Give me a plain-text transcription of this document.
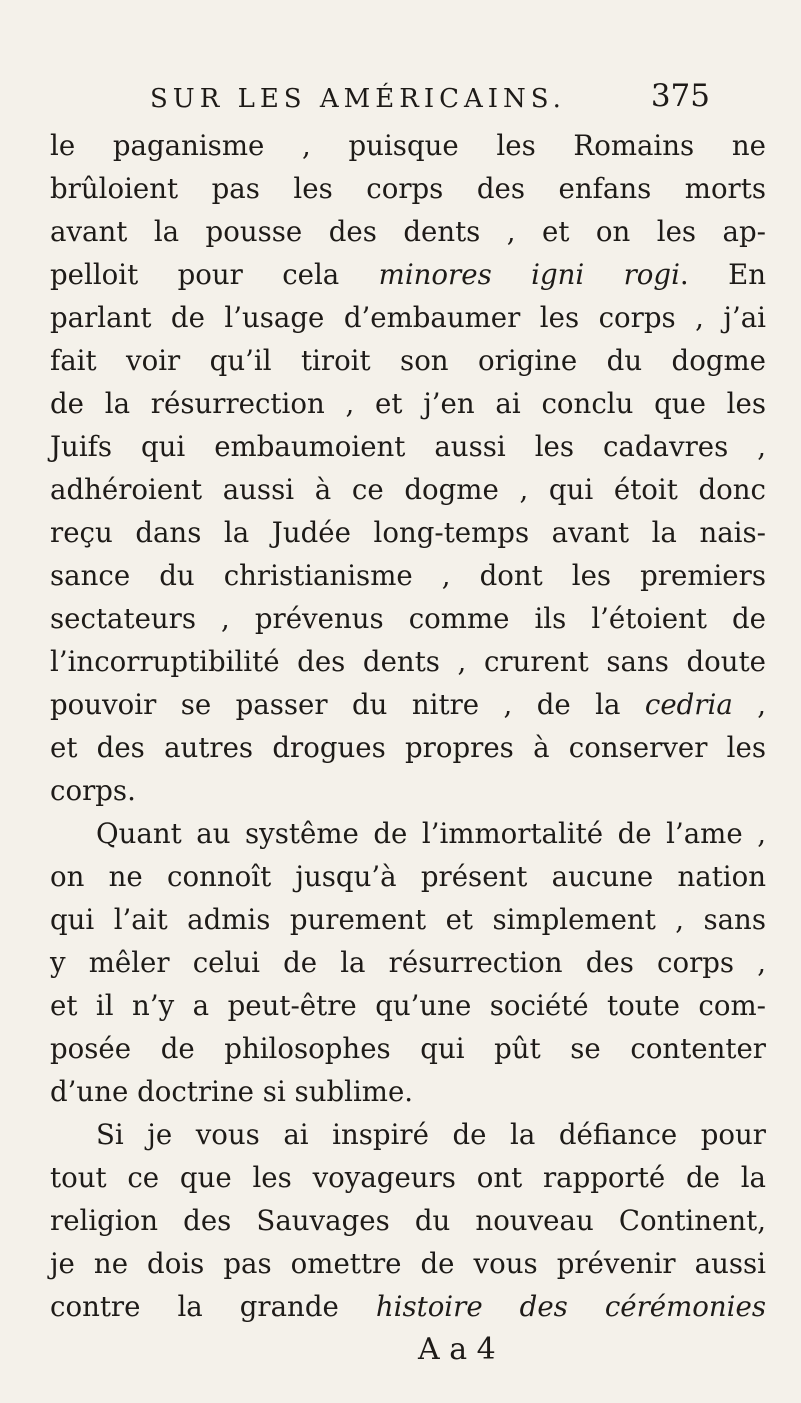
SUR LES AMÉRICAINS.	375
le paganisme , puisque les Romains ne
brûloient pas les corps des enfans morts
avant la pousse des dents , et on les ap-
pelloit pour cela minores igni rogi. En
parlant de l’usage d’embaumer les corps , j’ai
fait voir qu’il tiroit son origine du dogme
de la résurrection , et j’en ai conclu que les
Juifs qui embaumoient aussi les cadavres ,
adhéroient aussi à ce dogme , qui étoit donc
reçu dans la Judée long-temps avant la nais-
sance du christianisme , dont les premiers
sectateurs , prévenus comme ils l’étoient de
l’incorruptibilité des dents , crurent sans doute
pouvoir se passer du nitre , de la cedria ,
et des autres drogues propres à conserver les
corps.
Quant au systême de l’immortalité de l’ame ,
on ne connoît jusqu’à présent aucune nation
qui l’ait admis purement et simplement , sans
y mêler celui de la résurrection des corps ,
et il n’y a peut-être qu’une société toute com-
posée de philosophes qui pût se contenter
d’une doctrine si sublime.
Si je vous ai inspiré de la défiance pour
tout ce que les voyageurs ont rapporté de la
religion des Sauvages du nouveau Continent,
je ne dois pas omettre de vous prévenir aussi
contre la grande histoire des cérémonies
A a 4
